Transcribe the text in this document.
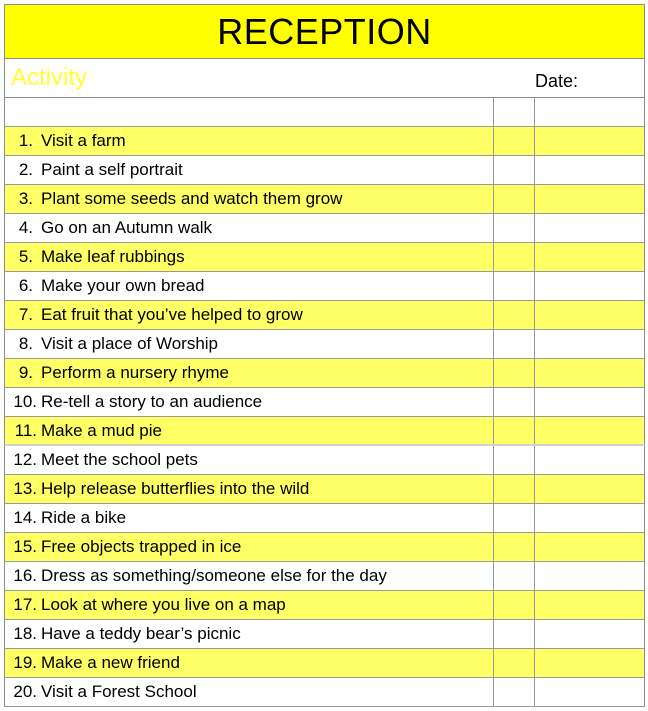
RECEPTION
Activity	Date:
1. Visit a farm
2. Paint a self portrait
3. Plant some seeds and watch them grow
4. Go on an Autumn walk
5. Make leaf rubbings
6. Make your own bread
7. Eat fruit that you’ve helped to grow
8. Visit a place of Worship
9. Perform a nursery rhyme
10. Re-tell a story to an audience
11. Make a mud pie
12. Meet the school pets
13. Help release butterflies into the wild
14. Ride a bike
15. Free objects trapped in ice
16. Dress as something/someone else for the day
17. Look at where you live on a map
18. Have a teddy bear’s picnic
19. Make a new friend
20. Visit a Forest School
